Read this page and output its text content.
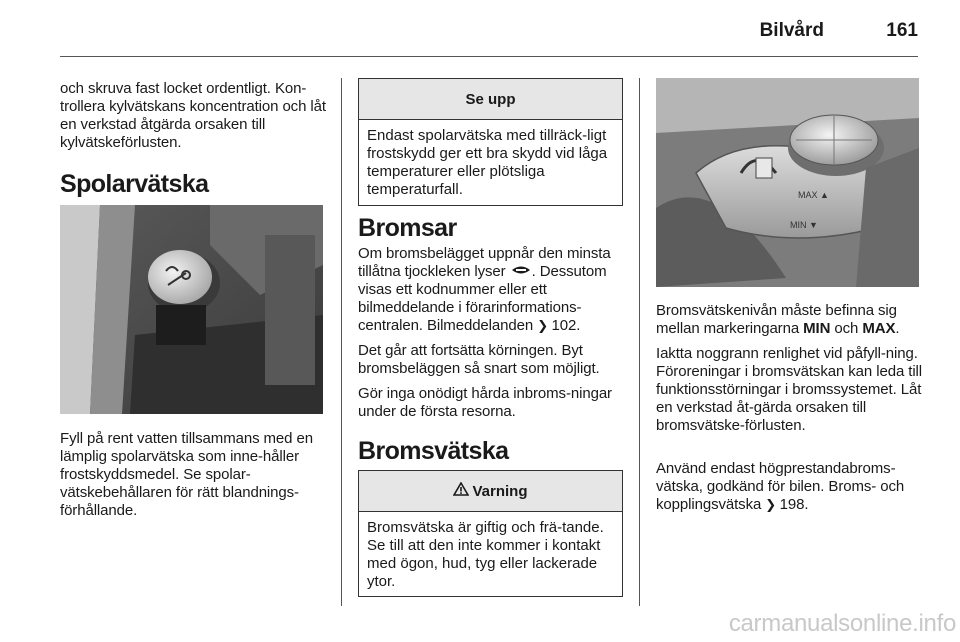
Bilvård	161

och skruva fast locket ordentligt. Kon-trollera kylvätskans koncentration och låt en verkstad åtgärda orsaken till kylvätskeförlusten.

Spolarvätska

Fyll på rent vatten tillsammans med en lämplig spolarvätska som inne-håller frostskyddsmedel. Se spolar-vätskebehållaren för rätt blandnings-förhållande.

Se upp
Endast spolarvätska med tillräck-ligt frostskydd ger ett bra skydd vid låga temperaturer eller plötsliga temperaturfall.
Bromsar

Om bromsbelägget uppnår den minsta tillåtna tjockleken lyser . Dessutom visas ett kodnummer eller ett bilmeddelande i förarinformations-centralen. Bilmeddelanden ❯ 102.

Det går att fortsätta körningen. Byt bromsbeläggen så snart som möjligt.

Gör inga onödigt hårda inbroms-ningar under de första resorna.

Bromsvätska
Varning
Bromsvätska är giftig och frä-tande. Se till att den inte kommer i kontakt med ögon, hud, tyg eller lackerade ytor.
MAX ▲
MIN ▼

Bromsvätskenivån måste befinna sig mellan markeringarna MIN och MAX.

Iaktta noggrann renlighet vid påfyll-ning. Föroreningar i bromsvätskan kan leda till funktionsstörningar i bromssystemet. Låt en verkstad åt-gärda orsaken till bromsvätske-förlusten.

Använd endast högprestandabroms-vätska, godkänd för bilen. Broms- och kopplingsvätska ❯ 198.

carmanualsonline.info
